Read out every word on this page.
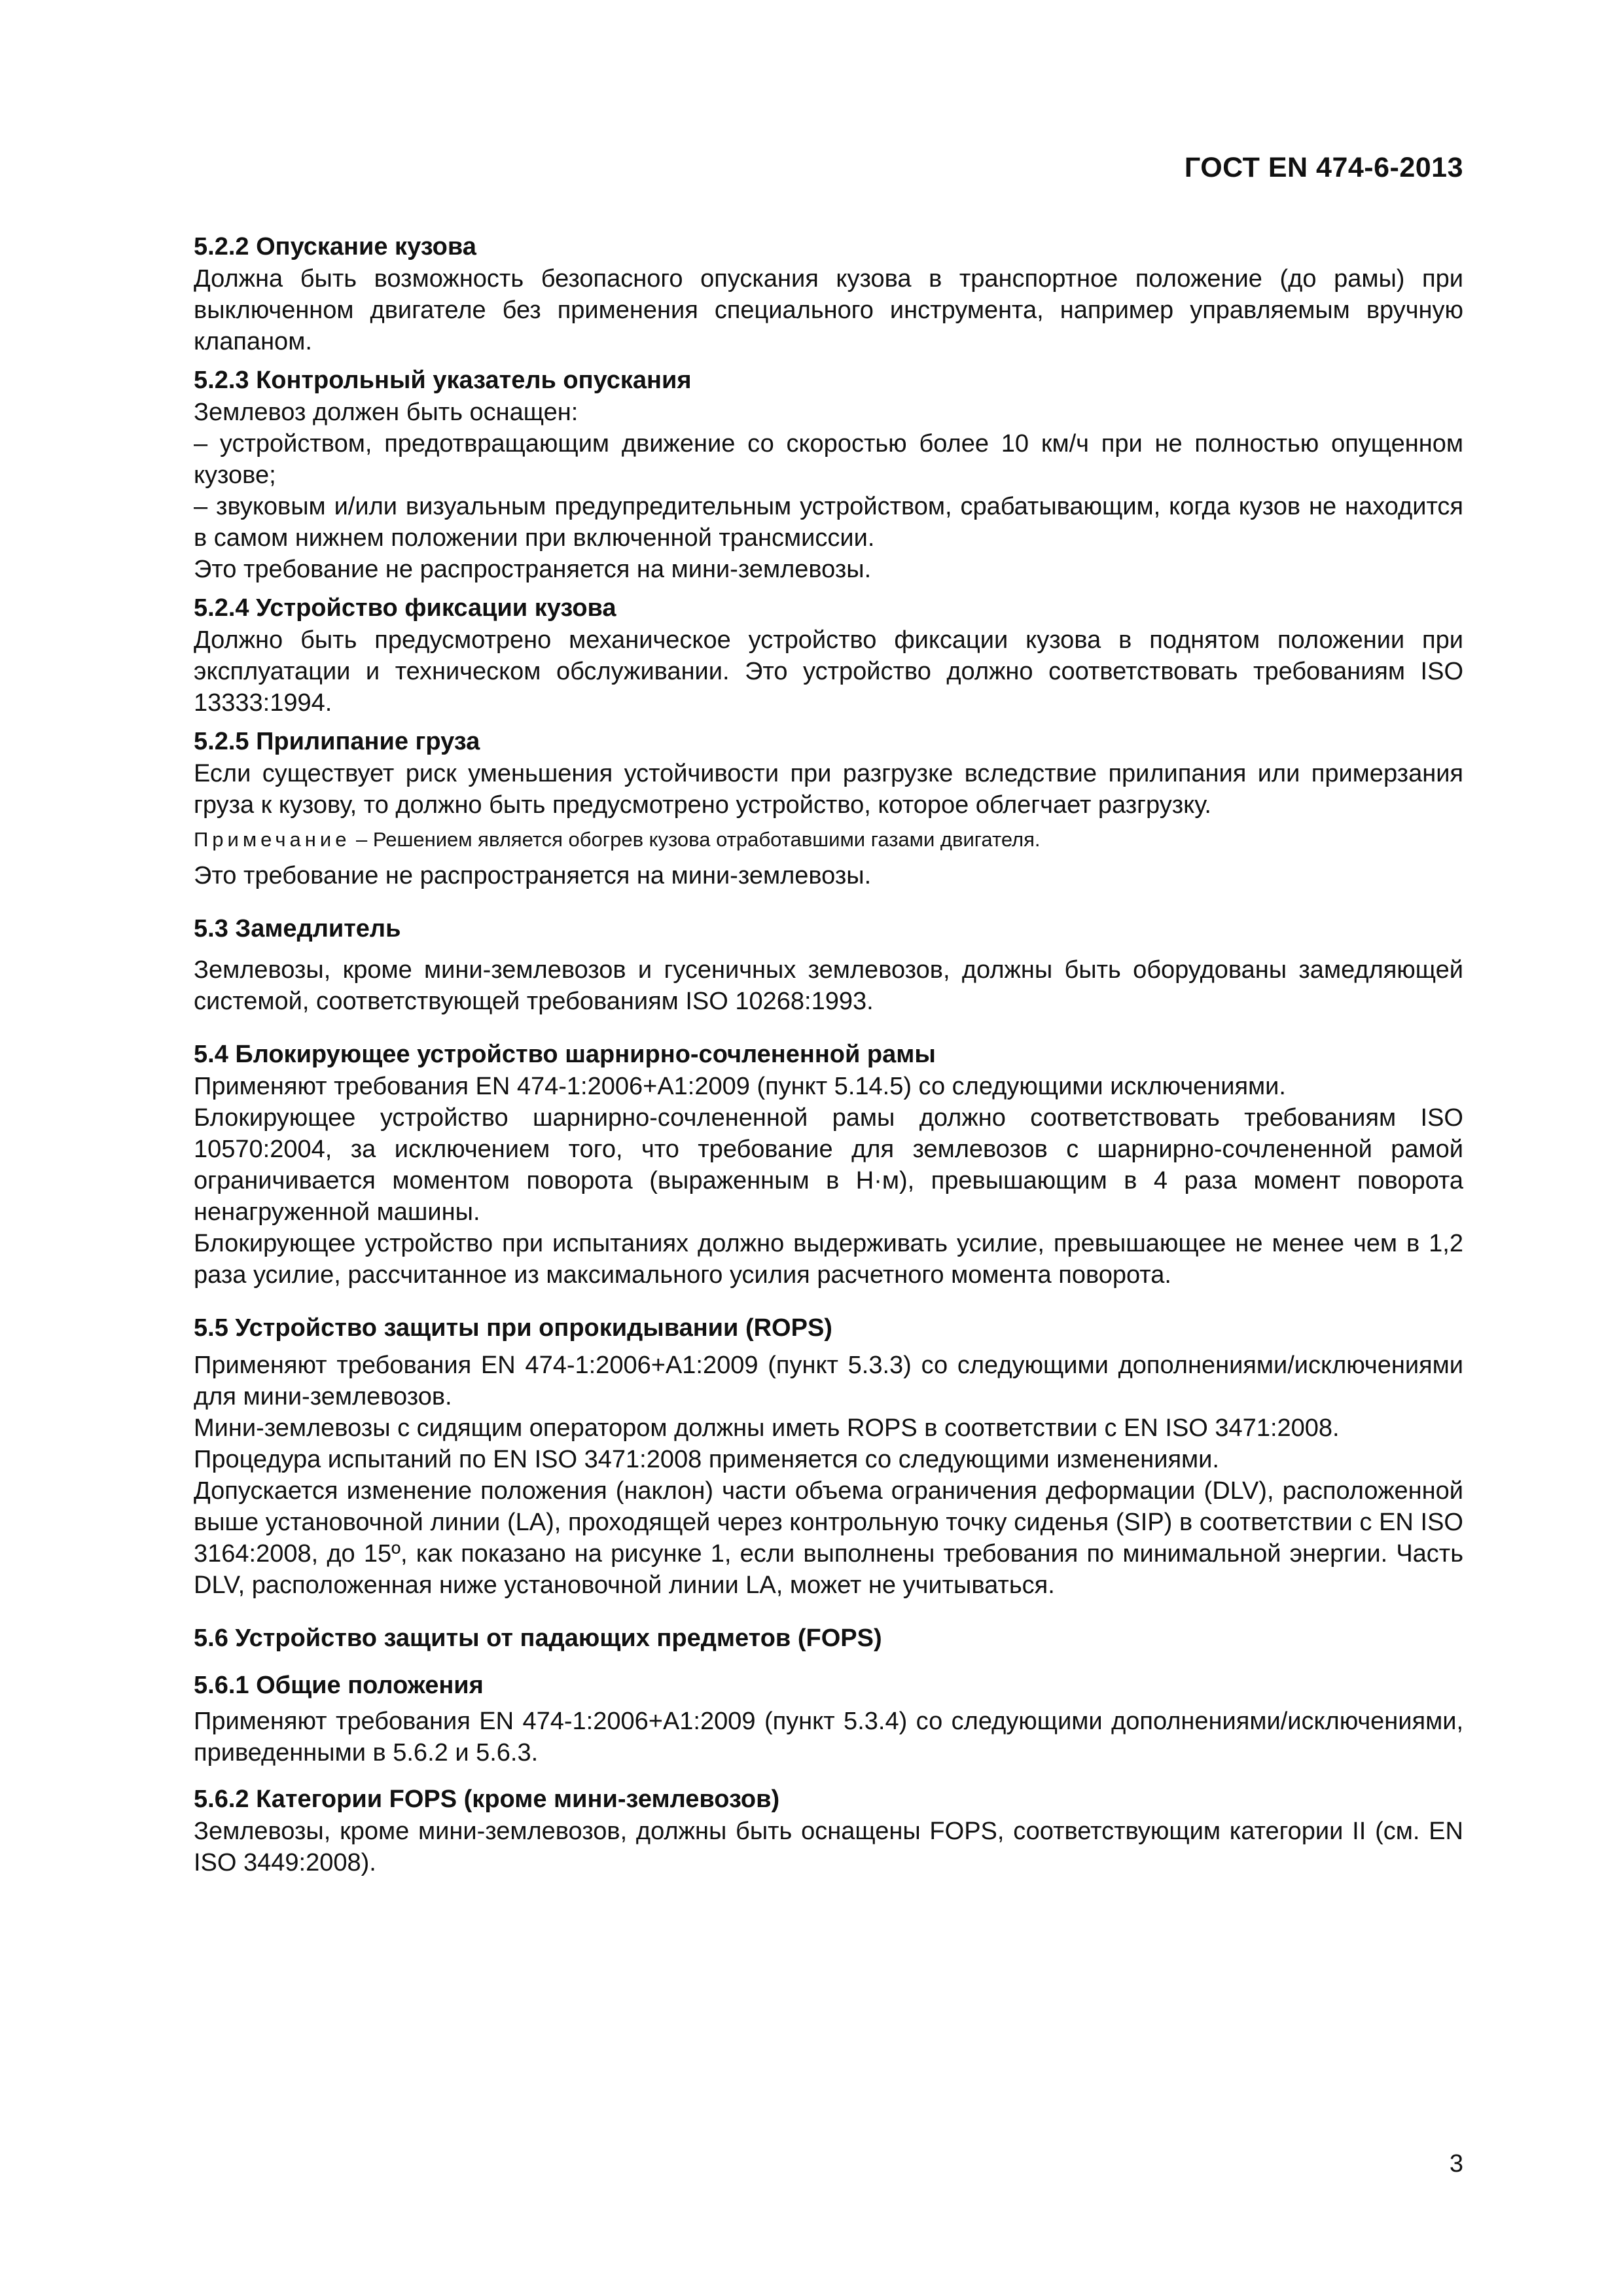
ГОСТ EN 474-6-2013

5.2.2 Опускание кузова

Должна быть возможность безопасного опускания кузова в транспортное положение (до рамы) при выключенном двигателе без применения специального инструмента, например управляемым вручную клапаном.

5.2.3 Контрольный указатель опускания

Землевоз должен быть оснащен:

– устройством, предотвращающим движение со скоростью более 10 км/ч при не полностью опущенном кузове;

– звуковым и/или визуальным предупредительным устройством, срабатывающим, когда кузов не находится в самом нижнем положении при включенной трансмиссии.

Это требование не распространяется на мини-землевозы.

5.2.4 Устройство фиксации кузова

Должно быть предусмотрено механическое устройство фиксации кузова в поднятом положении при эксплуатации и техническом обслуживании. Это устройство должно соответствовать требованиям ISO 13333:1994.

5.2.5 Прилипание груза

Если существует риск уменьшения устойчивости при разгрузке вследствие прилипания или примерзания груза к кузову, то должно быть предусмотрено устройство, которое облегчает разгрузку.

Примечание – Решением является обогрев кузова отработавшими газами двигателя.

Это требование не распространяется на мини-землевозы.

5.3 Замедлитель

Землевозы, кроме мини-землевозов и гусеничных землевозов, должны быть оборудованы замедляющей системой, соответствующей требованиям ISO 10268:1993.

5.4 Блокирующее устройство шарнирно-сочлененной рамы

Применяют требования EN 474-1:2006+A1:2009 (пункт 5.14.5) со следующими исключениями.

Блокирующее устройство шарнирно-сочлененной рамы должно соответствовать требованиям ISO 10570:2004, за исключением того, что требование для землевозов с шарнирно-сочлененной рамой ограничивается моментом поворота (выраженным в Н·м), превышающим в 4 раза момент поворота ненагруженной машины.

Блокирующее устройство при испытаниях должно выдерживать усилие, превышающее не менее чем в 1,2 раза усилие, рассчитанное из максимального усилия расчетного момента поворота.

5.5 Устройство защиты при опрокидывании (ROPS)

Применяют требования EN 474-1:2006+A1:2009 (пункт 5.3.3) со следующими дополнениями/исключениями для мини-землевозов.

Мини-землевозы с сидящим оператором должны иметь ROPS в соответствии с EN ISO 3471:2008.

Процедура испытаний по EN ISO 3471:2008 применяется со следующими изменениями.

Допускается изменение положения (наклон) части объема ограничения деформации (DLV), расположенной выше установочной линии (LA), проходящей через контрольную точку сиденья (SIP) в соответствии с EN ISO 3164:2008, до 15º, как показано на рисунке 1, если выполнены требования по минимальной энергии. Часть DLV, расположенная ниже установочной линии LA, может не учитываться.

5.6 Устройство защиты от падающих предметов (FOPS)

5.6.1 Общие положения

Применяют требования EN 474-1:2006+A1:2009 (пункт 5.3.4) со следующими дополнениями/исключениями, приведенными в 5.6.2 и 5.6.3.

5.6.2 Категории FOPS (кроме мини-землевозов)

Землевозы, кроме мини-землевозов, должны быть оснащены FOPS, соответствующим категории II (см. EN ISO 3449:2008).

3
